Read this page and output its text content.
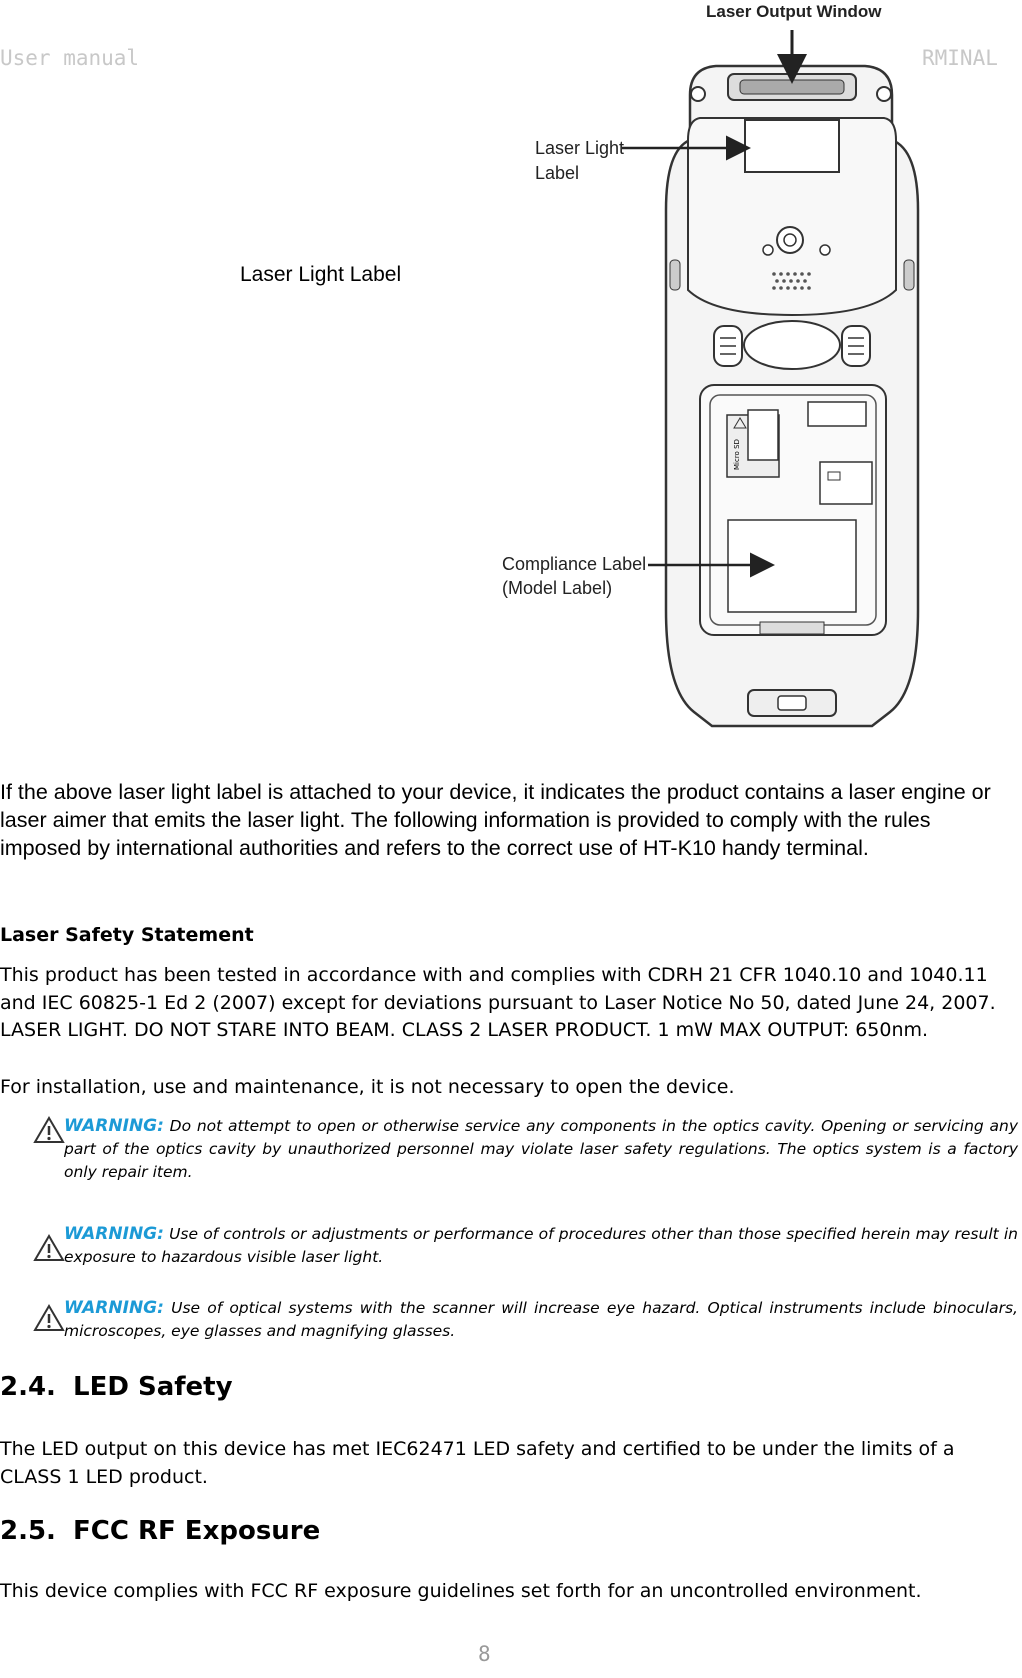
User manual	RMINAL
Micro SD
Laser Output Window
Laser Light
Label
Laser Light Label
Compliance Label
(Model Label)

If the above laser light label is attached to your device, it indicates the product contains a laser engine or laser aimer that emits the laser light. The following information is provided to comply with the rules imposed by international authorities and refers to the correct use of HT-K10 handy terminal.

Laser Safety Statement

This product has been tested in accordance with and complies with CDRH 21 CFR 1040.10 and 1040.11 and IEC 60825-1 Ed 2 (2007) except for deviations pursuant to Laser Notice No 50, dated June 24, 2007. LASER LIGHT. DO NOT STARE INTO BEAM. CLASS 2 LASER PRODUCT. 1 mW MAX OUTPUT: 650nm.

For installation, use and maintenance, it is not necessary to open the device.

WARNING: Do not attempt to open or otherwise service any components in the optics cavity. Opening or servicing any part of the optics cavity by unauthorized personnel may violate laser safety regulations. The optics system is a factory only repair item.

WARNING: Use of controls or adjustments or performance of procedures other than those specified herein may result in exposure to hazardous visible laser light.

WARNING: Use of optical systems with the scanner will increase eye hazard. Optical instruments include binoculars, microscopes, eye glasses and magnifying glasses.

2.4. LED Safety

The LED output on this device has met IEC62471 LED safety and certified to be under the limits of a CLASS 1 LED product.

2.5. FCC RF Exposure

This device complies with FCC RF exposure guidelines set forth for an uncontrolled environment.

8
